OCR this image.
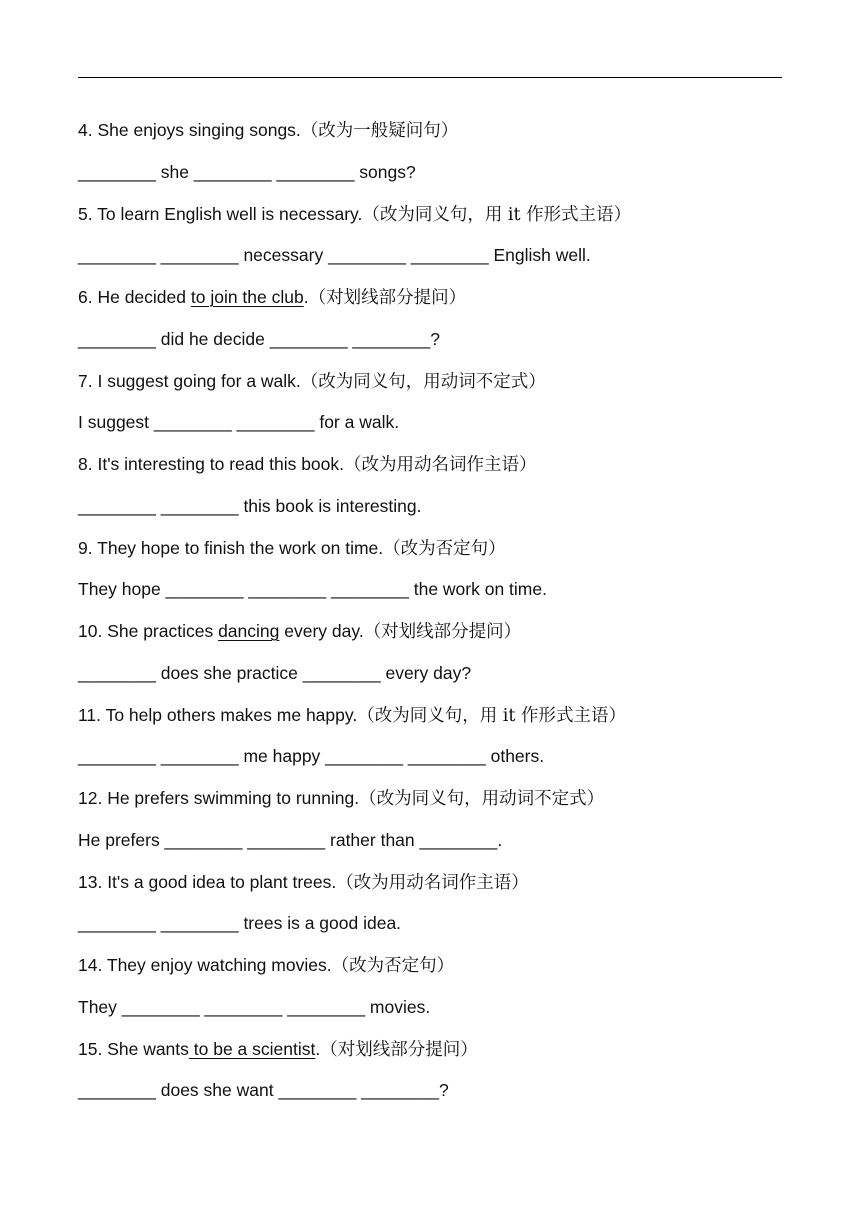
4. She enjoys singing songs.（改为一般疑问句）
________ she ________ ________ songs?
5. To learn English well is necessary.（改为同义句，用 it 作形式主语）
________ ________ necessary ________ ________ English well.
6. He decided to join the club.（对划线部分提问）
________ did he decide ________ ________?
7. I suggest going for a walk.（改为同义句，用动词不定式）
I suggest ________ ________ for a walk.
8. It's interesting to read this book.（改为用动名词作主语）
________ ________ this book is interesting.
9. They hope to finish the work on time.（改为否定句）
They hope ________ ________ ________ the work on time.
10. She practices dancing every day.（对划线部分提问）
________ does she practice ________ every day?
11. To help others makes me happy.（改为同义句，用 it 作形式主语）
________ ________ me happy ________ ________ others.
12. He prefers swimming to running.（改为同义句，用动词不定式）
He prefers ________ ________ rather than ________.
13. It's a good idea to plant trees.（改为用动名词作主语）
________ ________ trees is a good idea.
14. They enjoy watching movies.（改为否定句）
They ________ ________ ________ movies.
15. She wants to be a scientist.（对划线部分提问）
________ does she want ________ ________?
